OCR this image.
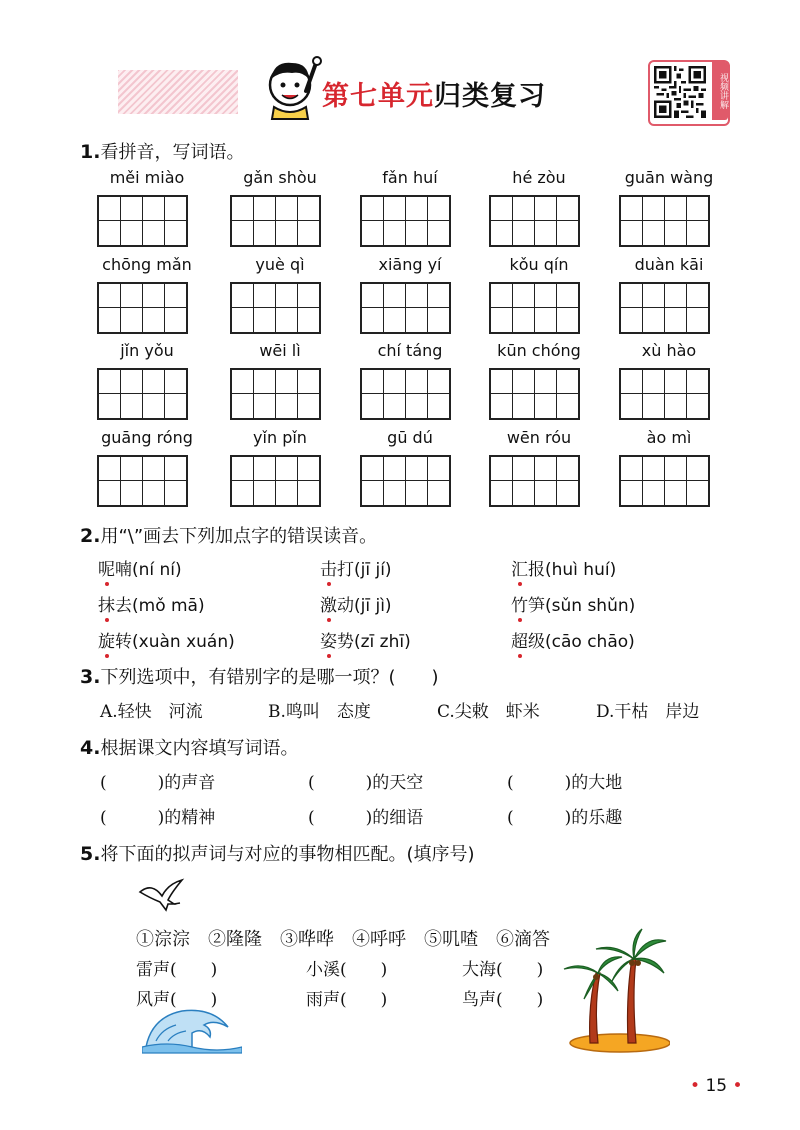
第七单元归类复习	视频讲解
1.看拼音，写词语。
měi miào	gǎn shòu	fǎn huí	hé zòu	guān wàng
chōng mǎn	yuè qì	xiāng yí	kǒu qín	duàn kāi
jǐn yǒu	wēi lì	chí táng	kūn chóng	xù hào
guāng róng	yǐn pǐn	gū dú	wēn róu	ào mì
2.用“\”画去下列加点字的错误读音。
呢喃(ní ní)	击打(jī jí)	汇报(huì huí)
抹去(mǒ mā)	激动(jī jì)	竹笋(sǔn shǔn)
旋转(xuàn xuán)	姿势(zī zhī)	超级(cāo chāo)
3.下列选项中，有错别字的是哪一项？(　　)
A.轻快　河流	B.鸣叫　态度	C.尖敕　虾米	D.干枯　岸边
4.根据课文内容填写词语。
(　　　)的声音	(　　　)的天空	(　　　)的大地
(　　　)的精神	(　　　)的细语	(　　　)的乐趣
5.将下面的拟声词与对应的事物相匹配。(填序号)
①淙淙　②隆隆　③哗哗　④呼呼　⑤叽喳　⑥滴答
雷声(　　)	小溪(　　)	大海(　　)
风声(　　)	雨声(　　)	鸟声(　　)
• 15 •
